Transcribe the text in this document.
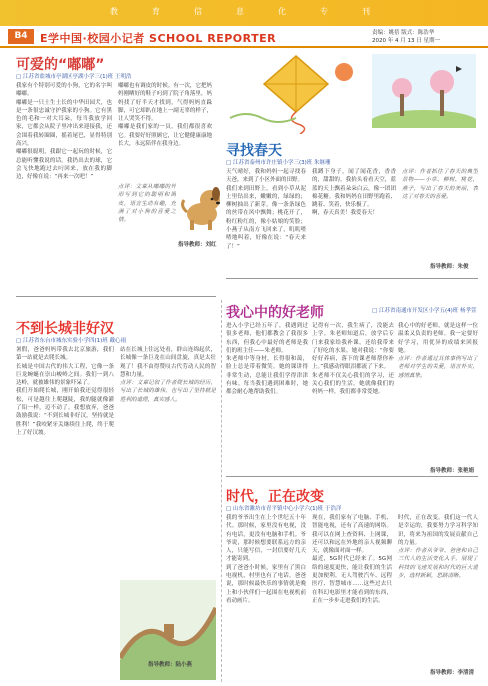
教	育	信	息	化	专	刊
B4	E学中国·校园小记者 SCHOOL REPORTER	责编：姚蓓 版式：陈浩华
2020 年 4 月 13 日 星期一
可爱的“嘟嘟”
□ 江苏省盐城市亭湖区亭湖小学三(1)班 王明浩

我家有个特别可爱的小狗，它的名字叫嘟嘟。

嘟嘟是一只土生土长的中华田园犬，也是一条很忠诚守护我家的小狗。它有黑色的毛和一对大耳朵，每当我放学回家，它都会从院子里冲出来迎接我，还会围着我转圈圈，摇着尾巴，显得特别高兴。

嘟嘟很聪明，我跟它一起玩的时候，它总能听懂我说的话。我扔出去的球，它会飞快地跑过去叼回来，放在我的脚边，好像在说：“再来一次吧！”

嘟嘟也有调皮的时候。有一次，它把妈妈刚晒好的鞋子叼到了院子角落里，妈妈找了好半天才找到，气得妈妈直跺脚，可它却趴在地上一副无辜的样子，让人哭笑不得。

嘟嘟是我们家的一员，我们都很喜欢它。我要好好照顾它，让它健健康康地长大，永远陪伴在我身边。

点评：文章从嘟嘟的外形写到它的聪明和调皮，语言生动有趣，充满了对小狗的喜爱之情。
指导教师：刘红
寻找春天
□ 江苏省泰州市许庄镇小学三(3)班 朱继珊

天气晴好，我和妈妈一起寻找春天爸，来到了小区外面的田野。

我们来到田野上，看到小草从泥土里钻出来，嫩嫩的，绿绿的；柳树抽出了新芽，像一条条绿色的丝带在风中飘舞；桃花开了，粉红粉红的，像小姑娘的笑脸；小燕子从南方飞回来了，叽叽喳喳地叫着，好像在说：“春天来了！”

我蹲下身子，闻了闻花香，香香的，甜甜的。我抬头看看天空，蓝蓝的天上飘着朵朵白云，像一团团棉花糖。我和妈妈在田野里跑着、跳着、笑着，快乐极了。

啊，春天真美！我爱春天！

点评：作者抓住了春天的典型景物——小草、柳树、桃花、燕子，写出了春天的美丽，表达了对春天的喜爱。
指导教师：朱俊
不到长城非好汉
□ 江苏省东台市城东实验小学四(1)班 戴心雨

暑假，爸爸妈妈带我去北京旅游，我们第一站就是去爬长城。

长城是中国古代的伟大工程，它像一条巨龙蜿蜒在崇山峻岭之间。我们一到八达岭，就被雄伟的景象吓呆了。

我们开始爬长城，刚开始我还觉得很轻松，可是越往上爬越陡，我的腿就像灌了铅一样，迈不动了。我想放弃，爸爸鼓励我说：“不到长城非好汉，坚持就是胜利！”我咬紧牙关继续往上爬，终于爬上了好汉坡。

站在长城上往远处看，群山连绵起伏，长城像一条巨龙在山间盘旋，真是太壮观了！我不由得赞叹古代劳动人民的智慧和力量。

点评：文章记叙了作者爬长城的经历，写出了长城的雄伟，也写出了坚持就是胜利的道理，真实感人。

指导教师：陆小燕
我心中的好老师	□ 江苏省南通市开发区小学五(4)班 杨孝萱

进入小学已经五年了，我遇到过很多老师，他们都教会了我很多东西，但我心中最好的老师是我们的班主任——朱老师。

朱老师中等身材，长得很和蔼，脸上总是带着微笑。她的课讲得非常生动，总能让我们学得津津有味。每当我们遇到困难时，她都会耐心地帮助我们。

记得有一次，我生病了，没能去上学。朱老师知道后，放学后专门来我家给我补课，还给我带来了好吃的水果。她对我说：“你要好好养病，落下的课老师帮你补上。”我感动得眼泪都流了下来。

朱老师不仅关心我们的学习，还关心我们的生活。她就像我们的妈妈一样，我们都非常爱她。

我心中的好老师，就是这样一位温柔又负责的老师。我一定要好好学习，用优异的成绩来回报她。

点评：作者通过具体事例写出了老师对学生的关爱，语言朴实，感情真挚。

指导教师：张艳娟
时代，正在改变
□ 山东省潍坊市青平镇中心小学六(1)班 于浩洋

我的爷爷出生在上个世纪五十年代。那时候，家里没有电视，没有电话，更没有电脑和手机。爷爷说，那时候想要联系远方的亲人，只能写信，一封信要好几天才能寄到。

到了爸爸小时候，家里有了黑白电视机，村里也有了电话。爸爸说，那时候最快乐的事情就是晚上和小伙伴们一起围在电视机前看动画片。

现在，我们家有了电脑、手机、智能电视，还有了高速的网络。我可以在网上查资料、上网课，还可以和远在外地的亲人视频聊天，就像面对面一样。

最近，5G时代已经来了。5G网络的速度更快，能让我们的生活更加便利。无人驾驶汽车、远程医疗、智慧城市……这些过去只在科幻电影里才能看到的东西，正在一步步走进我们的生活。

时代，正在改变。我们这一代人是幸运的，我要努力学习科学知识，将来为祖国的发展贡献自己的力量。

点评：作者从爷爷、爸爸和自己三代人的生活变化入手，展现了科技的飞速发展和时代的巨大进步，选材新颖，思路清晰。

指导教师：李清清
